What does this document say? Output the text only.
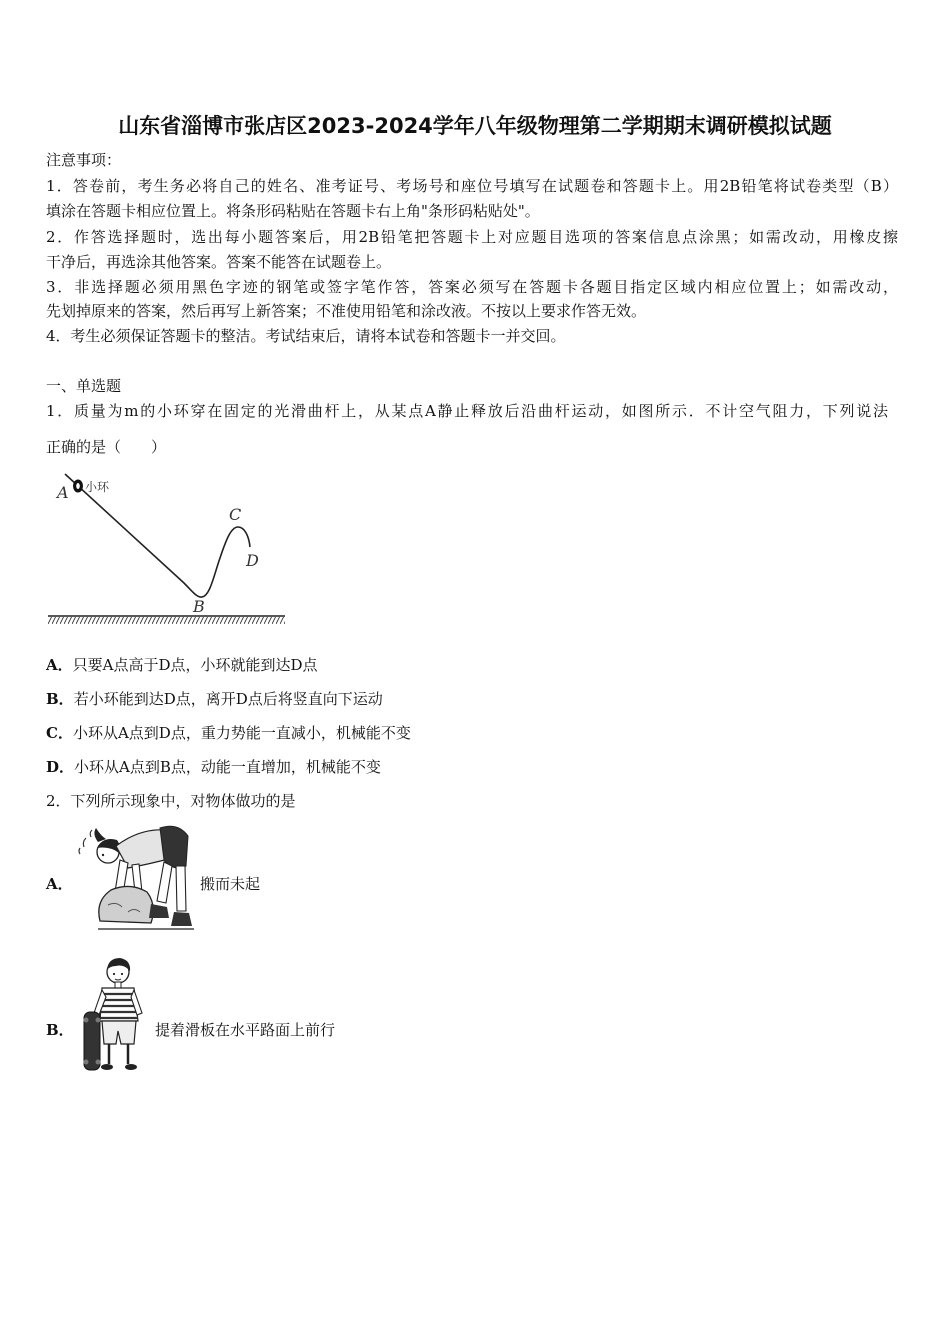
山东省淄博市张店区2023-2024学年八年级物理第二学期期末调研模拟试题
注意事项：
1．答卷前，考生务必将自己的姓名、准考证号、考场号和座位号填写在试题卷和答题卡上。用2B铅笔将试卷类型（B）
填涂在答题卡相应位置上。将条形码粘贴在答题卡右上角"条形码粘贴处"。
2．作答选择题时，选出每小题答案后，用2B铅笔把答题卡上对应题目选项的答案信息点涂黑；如需改动，用橡皮擦
干净后，再选涂其他答案。答案不能答在试题卷上。
3．非选择题必须用黑色字迹的钢笔或签字笔作答，答案必须写在答题卡各题目指定区域内相应位置上；如需改动，
先划掉原来的答案，然后再写上新答案；不准使用铅笔和涂改液。不按以上要求作答无效。
4．考生必须保证答题卡的整洁。考试结束后，请将本试卷和答题卡一并交回。
一、单选题
1．质量为m的小环穿在固定的光滑曲杆上，从某点A静止释放后沿曲杆运动，如图所示．不计空气阻力，下列说法
正确的是（　　）
A 小环
C
D
B
A．只要A点高于D点，小环就能到达D点
B．若小环能到达D点，离开D点后将竖直向下运动
C．小环从A点到D点，重力势能一直减小，机械能不变
D．小环从A点到B点，动能一直增加，机械能不变
2．下列所示现象中，对物体做功的是
A．	搬而未起
B．	提着滑板在水平路面上前行
